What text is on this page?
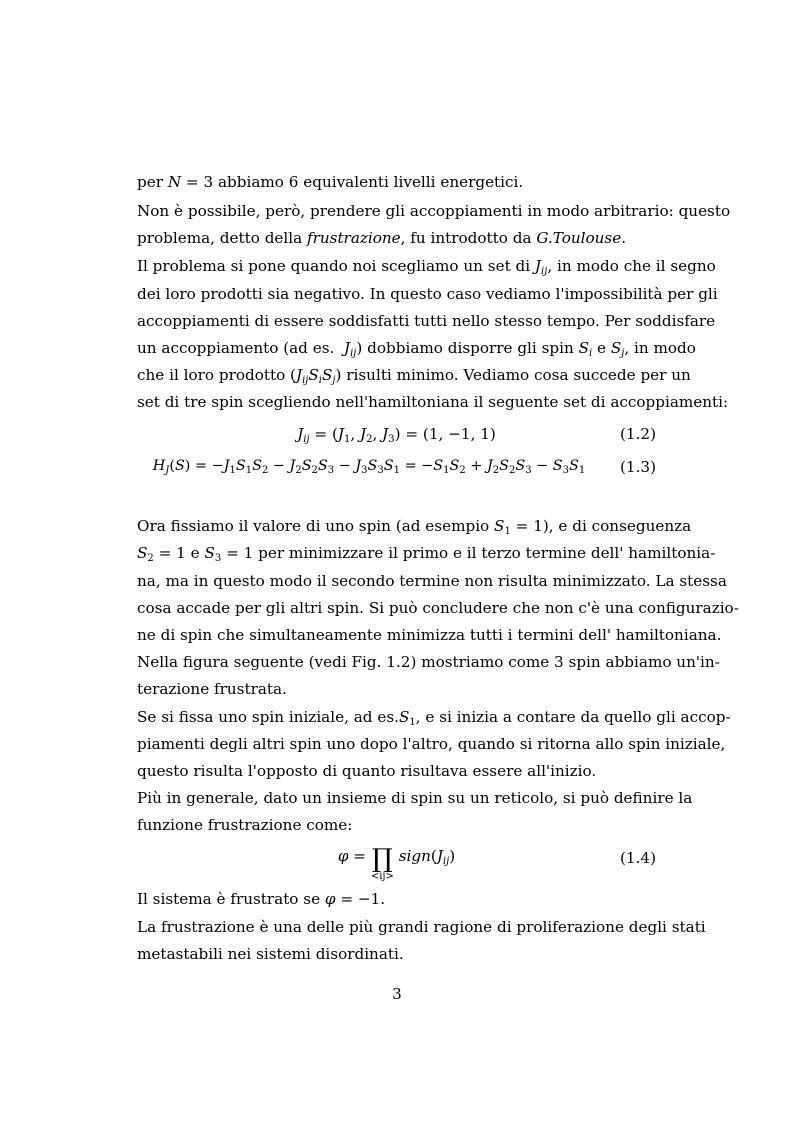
per N = 3 abbiamo 6 equivalenti livelli energetici.
Non è possibile, però, prendere gli accoppiamenti in modo arbitrario: questo
problema, detto della frustrazione, fu introdotto da G.Toulouse.
Il problema si pone quando noi scegliamo un set di $J_{ij}$, in modo che il segno
dei loro prodotti sia negativo. In questo caso vediamo l'impossibilità per gli
accoppiamenti di essere soddisfatti tutti nello stesso tempo. Per soddisfare
un accoppiamento (ad es.  $J_{ij}$) dobbiamo disporre gli spin $S_i$ e $S_j$, in modo
che il loro prodotto $(J_{ij}S_iS_j)$ risulti minimo. Vediamo cosa succede per un
set di tre spin scegliendo nell'hamiltoniana il seguente set di accoppiamenti:
$J_{ij} = (J_1$, $J_2$, $J_3) = (1$, −1, 1)	(1.2)
$H_J(S) = -J_1S_1S_2 - J_2S_2S_3 - J_3S_3S_1 = -S_1S_2 + J_2S_2S_3 - S_3S_1$	(1.3)
Ora fissiamo il valore di uno spin (ad esempio $S_1 = 1$), e di conseguenza
$S_2 = 1$ e $S_3 = 1$ per minimizzare il primo e il terzo termine dell' hamiltonia-
na, ma in questo modo il secondo termine non risulta minimizzato. La stessa
cosa accade per gli altri spin. Si può concludere che non c'è una configurazio-
ne di spin che simultaneamente minimizza tutti i termini dell' hamiltoniana.
Nella figura seguente (vedi Fig. 1.2) mostriamo come 3 spin abbiamo un'in-
terazione frustrata.
Se si fissa uno spin iniziale, ad $es.S_1$, e si inizia a contare da quello gli accop-
piamenti degli altri spin uno dopo l'altro, quando si ritorna allo spin iniziale,
questo risulta l'opposto di quanto risultava essere all'inizio.
Più in generale, dato un insieme di spin su un reticolo, si può definire la
funzione frustrazione come:
φ = ∏
<ij>
$sign(J_{ij})$	(1.4)
Il sistema è frustrato se φ = −1.
La frustrazione è una delle più grandi ragione di proliferazione degli stati
metastabili nei sistemi disordinati.
3
